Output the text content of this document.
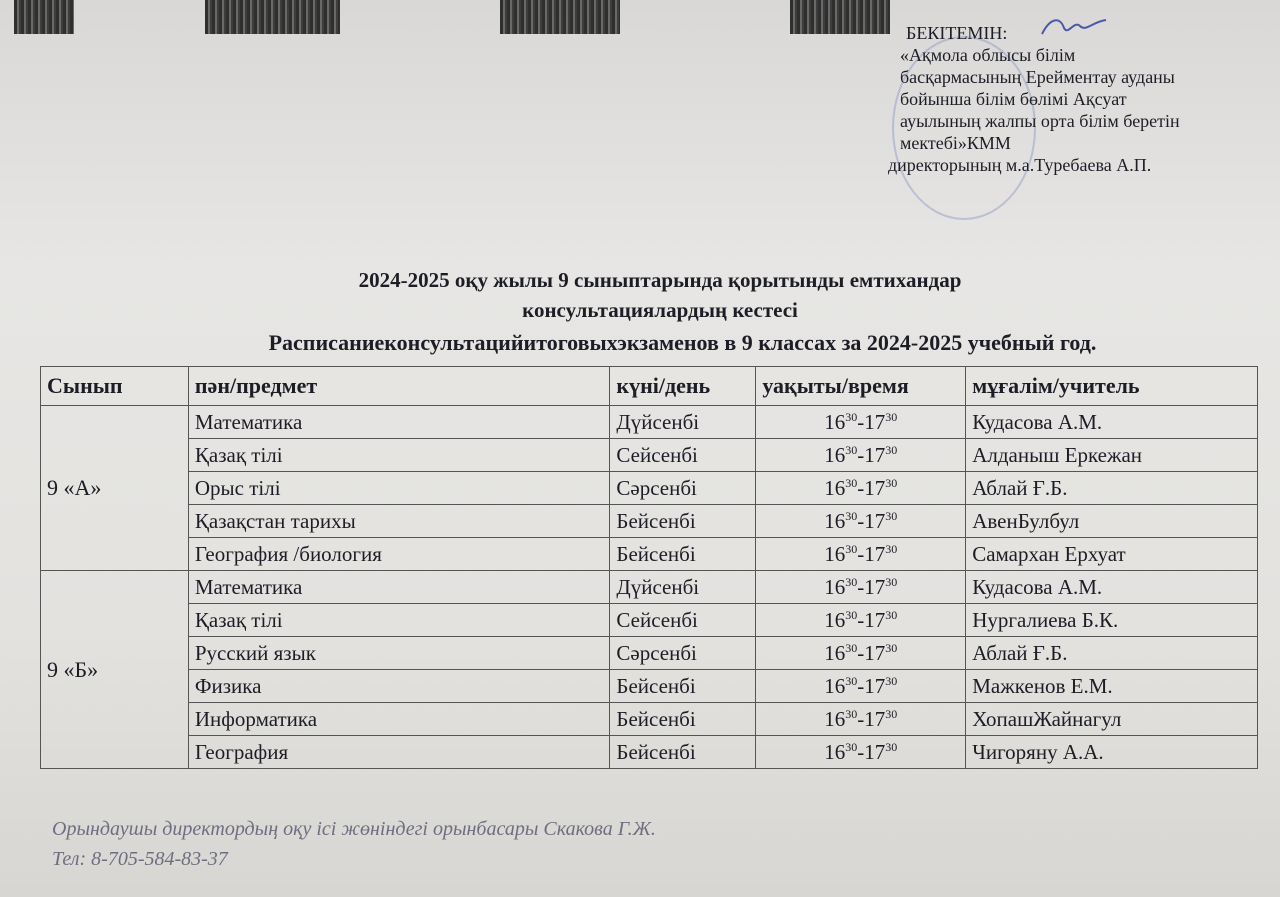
БЕКІТЕМІН:
«Ақмола облысы білім
басқармасының Ерейментау ауданы
бойынша білім бөлімі Ақсуат
ауылының жалпы орта білім беретін
мектебі»КММ
директорының м.а.Туребаева А.П.
2024-2025 оқу жылы 9 сыныптарында қорытынды емтихандар
консультациялардың кестесі
Расписаниеконсультацийитоговыхэкзаменов в 9 классах за 2024-2025 учебный год.
Сынып	пән/предмет	күні/день	уақыты/время	мұғалім/учитель
9 «А»	Математика	Дүйсенбі	$16^{30}-17^{30}$	Кудасова А.М.
	Қазақ тілі	Сейсенбі	$16^{30}-17^{30}$	Алданыш Еркежан
	Орыс тілі	Сәрсенбі	$16^{30}-17^{30}$	Аблай Ғ.Б.
	Қазақстан тарихы	Бейсенбі	$16^{30}-17^{30}$	АвенБулбул
	География /биология	Бейсенбі	$16^{30}-17^{30}$	Самархан Ерхуат
9 «Б»	Математика	Дүйсенбі	$16^{30}-17^{30}$	Кудасова А.М.
	Қазақ тілі	Сейсенбі	$16^{30}-17^{30}$	Нургалиева Б.К.
	Русский язык	Сәрсенбі	$16^{30}-17^{30}$	Аблай Ғ.Б.
	Физика	Бейсенбі	$16^{30}-17^{30}$	Мажкенов Е.М.
	Информатика	Бейсенбі	$16^{30}-17^{30}$	ХопашЖайнагул
	География	Бейсенбі	$16^{30}-17^{30}$	Чигоряну А.А.
Орындаушы директордың оқу ісі жөніндегі орынбасары Скакова Г.Ж.
Тел: 8-705-584-83-37
